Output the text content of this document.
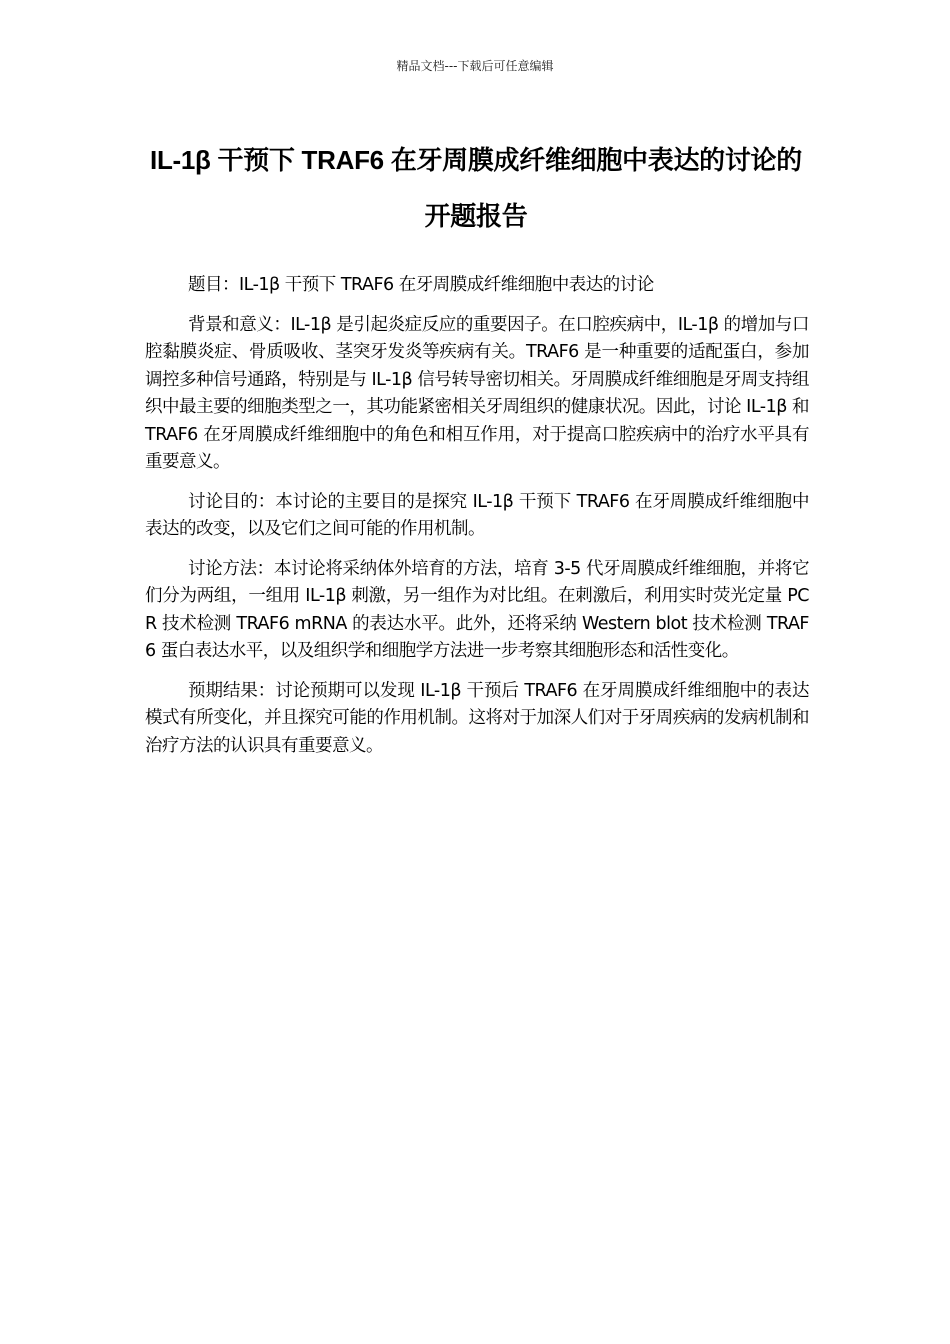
精品文档---下载后可任意编辑
IL-1β 干预下 TRAF6 在牙周膜成纤维细胞中表达的讨论的开题报告

题目：IL-1β 干预下 TRAF6 在牙周膜成纤维细胞中表达的讨论

背景和意义：IL-1β 是引起炎症反应的重要因子。在口腔疾病中，IL-1β 的增加与口腔黏膜炎症、骨质吸收、茎突牙发炎等疾病有关。TRAF6 是一种重要的适配蛋白，参加调控多种信号通路，特别是与 IL-1β 信号转导密切相关。牙周膜成纤维细胞是牙周支持组织中最主要的细胞类型之一，其功能紧密相关牙周组织的健康状况。因此，讨论 IL-1β 和 TRAF6 在牙周膜成纤维细胞中的角色和相互作用，对于提高口腔疾病中的治疗水平具有重要意义。

讨论目的：本讨论的主要目的是探究 IL-1β 干预下 TRAF6 在牙周膜成纤维细胞中表达的改变，以及它们之间可能的作用机制。

讨论方法：本讨论将采纳体外培育的方法，培育 3-5 代牙周膜成纤维细胞，并将它们分为两组，一组用 IL-1β 刺激，另一组作为对比组。在刺激后，利用实时荧光定量 PCR 技术检测 TRAF6 mRNA 的表达水平。此外，还将采纳 Western blot 技术检测 TRAF6 蛋白表达水平，以及组织学和细胞学方法进一步考察其细胞形态和活性变化。

预期结果：讨论预期可以发现 IL-1β 干预后 TRAF6 在牙周膜成纤维细胞中的表达模式有所变化，并且探究可能的作用机制。这将对于加深人们对于牙周疾病的发病机制和治疗方法的认识具有重要意义。
